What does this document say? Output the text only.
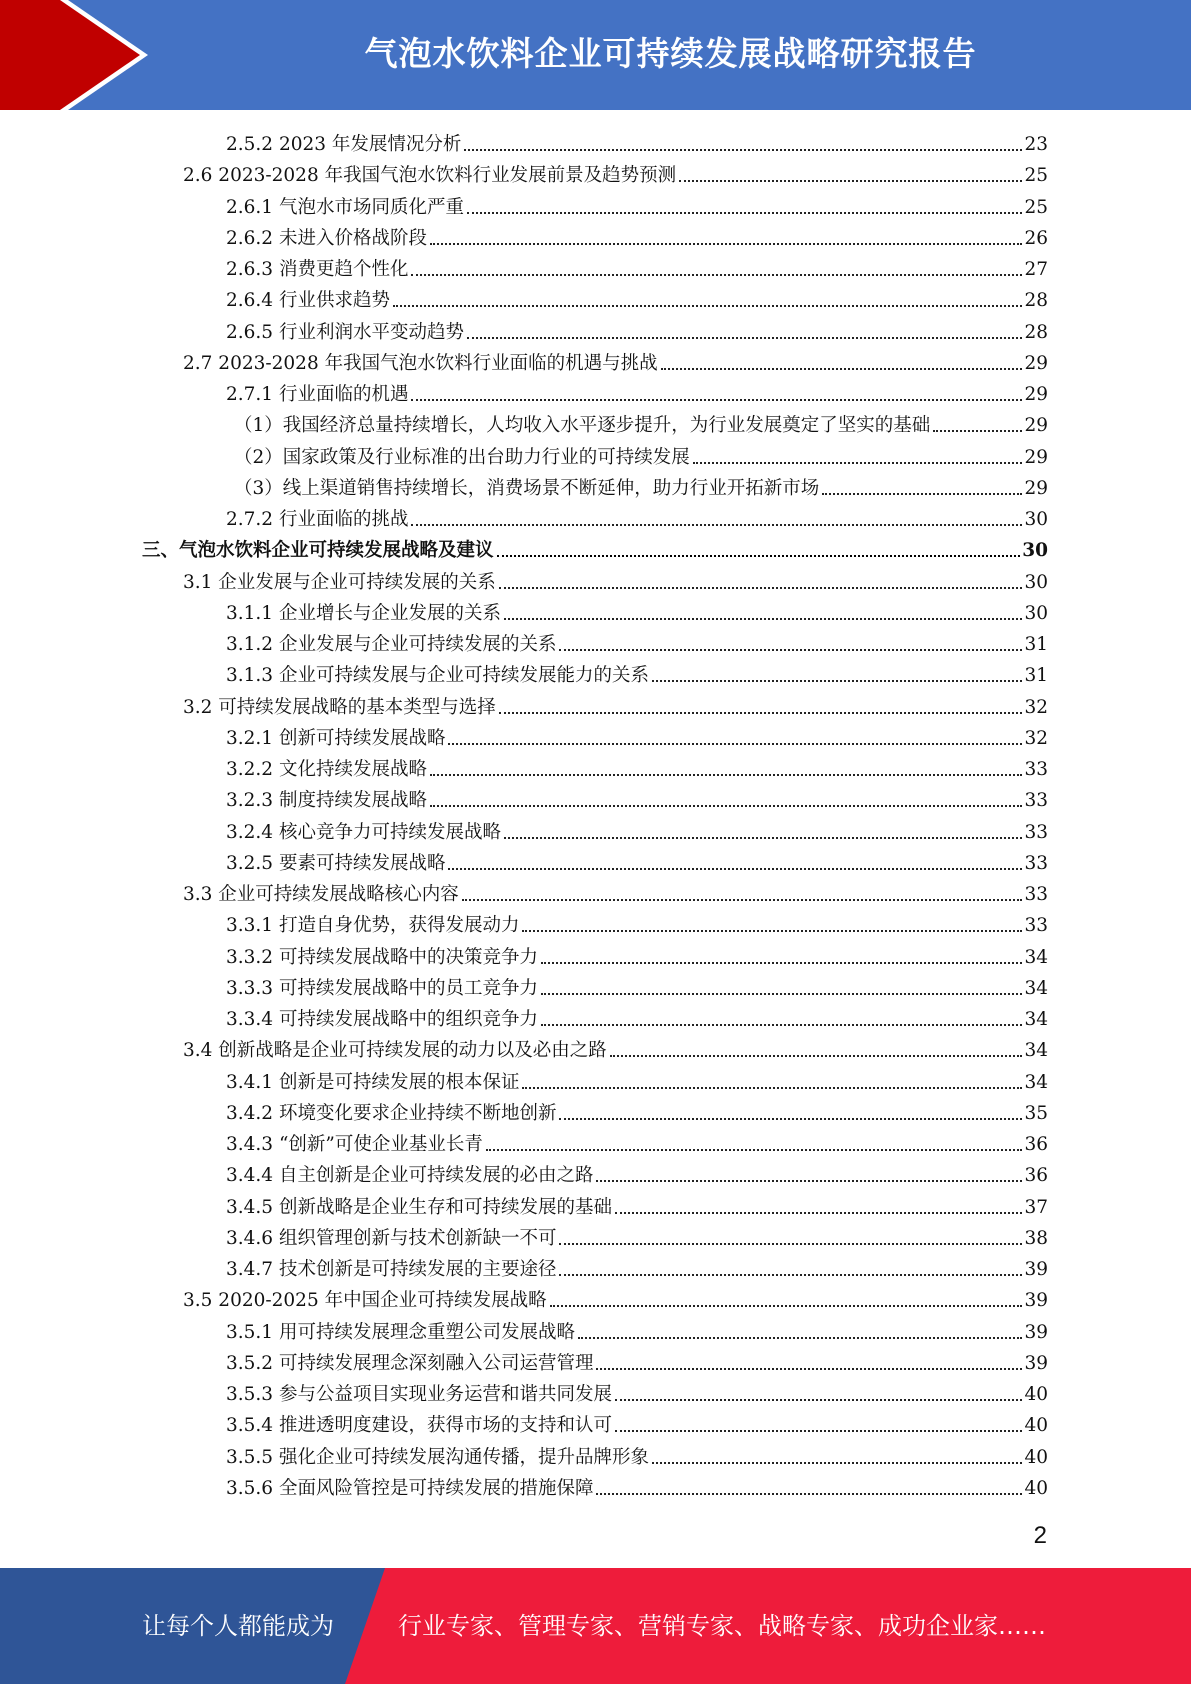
气泡水饮料企业可持续发展战略研究报告
2.5.2 2023 年发展情况分析	23
2.6 2023-2028 年我国气泡水饮料行业发展前景及趋势预测	25
2.6.1 气泡水市场同质化严重	25
2.6.2 未进入价格战阶段	26
2.6.3 消费更趋个性化	27
2.6.4 行业供求趋势	28
2.6.5 行业利润水平变动趋势	28
2.7 2023-2028 年我国气泡水饮料行业面临的机遇与挑战	29
2.7.1 行业面临的机遇	29
（1）我国经济总量持续增长，人均收入水平逐步提升，为行业发展奠定了坚实的基础	29
（2）国家政策及行业标准的出台助力行业的可持续发展	29
（3）线上渠道销售持续增长，消费场景不断延伸，助力行业开拓新市场	29
2.7.2 行业面临的挑战	30
三、气泡水饮料企业可持续发展战略及建议	30
3.1 企业发展与企业可持续发展的关系	30
3.1.1 企业增长与企业发展的关系	30
3.1.2 企业发展与企业可持续发展的关系	31
3.1.3 企业可持续发展与企业可持续发展能力的关系	31
3.2 可持续发展战略的基本类型与选择	32
3.2.1 创新可持续发展战略	32
3.2.2 文化持续发展战略	33
3.2.3 制度持续发展战略	33
3.2.4 核心竞争力可持续发展战略	33
3.2.5 要素可持续发展战略	33
3.3 企业可持续发展战略核心内容	33
3.3.1 打造自身优势，获得发展动力	33
3.3.2 可持续发展战略中的决策竞争力	34
3.3.3 可持续发展战略中的员工竞争力	34
3.3.4 可持续发展战略中的组织竞争力	34
3.4 创新战略是企业可持续发展的动力以及必由之路	34
3.4.1 创新是可持续发展的根本保证	34
3.4.2 环境变化要求企业持续不断地创新	35
3.4.3 “创新”可使企业基业长青	36
3.4.4 自主创新是企业可持续发展的必由之路	36
3.4.5 创新战略是企业生存和可持续发展的基础	37
3.4.6 组织管理创新与技术创新缺一不可	38
3.4.7 技术创新是可持续发展的主要途径	39
3.5 2020-2025 年中国企业可持续发展战略	39
3.5.1 用可持续发展理念重塑公司发展战略	39
3.5.2 可持续发展理念深刻融入公司运营管理	39
3.5.3 参与公益项目实现业务运营和谐共同发展	40
3.5.4 推进透明度建设，获得市场的支持和认可	40
3.5.5 强化企业可持续发展沟通传播，提升品牌形象	40
3.5.6 全面风险管控是可持续发展的措施保障	40
2
让每个人都能成为	行业专家、管理专家、营销专家、战略专家、成功企业家……
